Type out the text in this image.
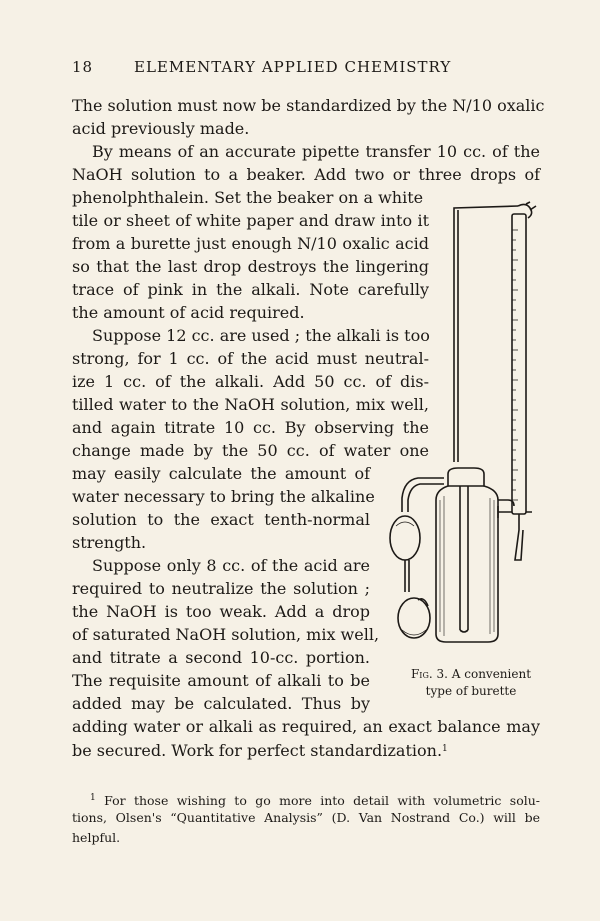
18	ELEMENTARY APPLIED CHEMISTRY
The solution must now be standardized by the N/10 oxalic
acid previously made.
By means of an accurate pipette transfer 10 cc. of the
NaOH solution to a beaker. Add two or three drops of
phenolphthalein. Set the beaker on a white
tile or sheet of white paper and draw into it
from a burette just enough N/10 oxalic acid
so that the last drop destroys the lingering
trace of pink in the alkali. Note carefully
the amount of acid required.
Suppose 12 cc. are used ; the alkali is too
strong, for 1 cc. of the acid must neutral-
ize 1 cc. of the alkali. Add 50 cc. of dis-
tilled water to the NaOH solution, mix well,
and again titrate 10 cc. By observing the
change made by the 50 cc. of water one
may easily calculate the amount of
water necessary to bring the alkaline
solution to the exact tenth-normal
strength.
Suppose only 8 cc. of the acid are
required to neutralize the solution ;
the NaOH is too weak. Add a drop
of saturated NaOH solution, mix well,
and titrate a second 10-cc. portion.
The requisite amount of alkali to be
added may be calculated. Thus by
adding water or alkali as required, an exact balance may
be secured. Work for perfect standardization.$^1$
Fig. 3. A convenient
type of burette
$^1$ For those wishing to go more into detail with volumetric solu-
tions, Olsen's “Quantitative Analysis” (D. Van Nostrand Co.) will be
helpful.
